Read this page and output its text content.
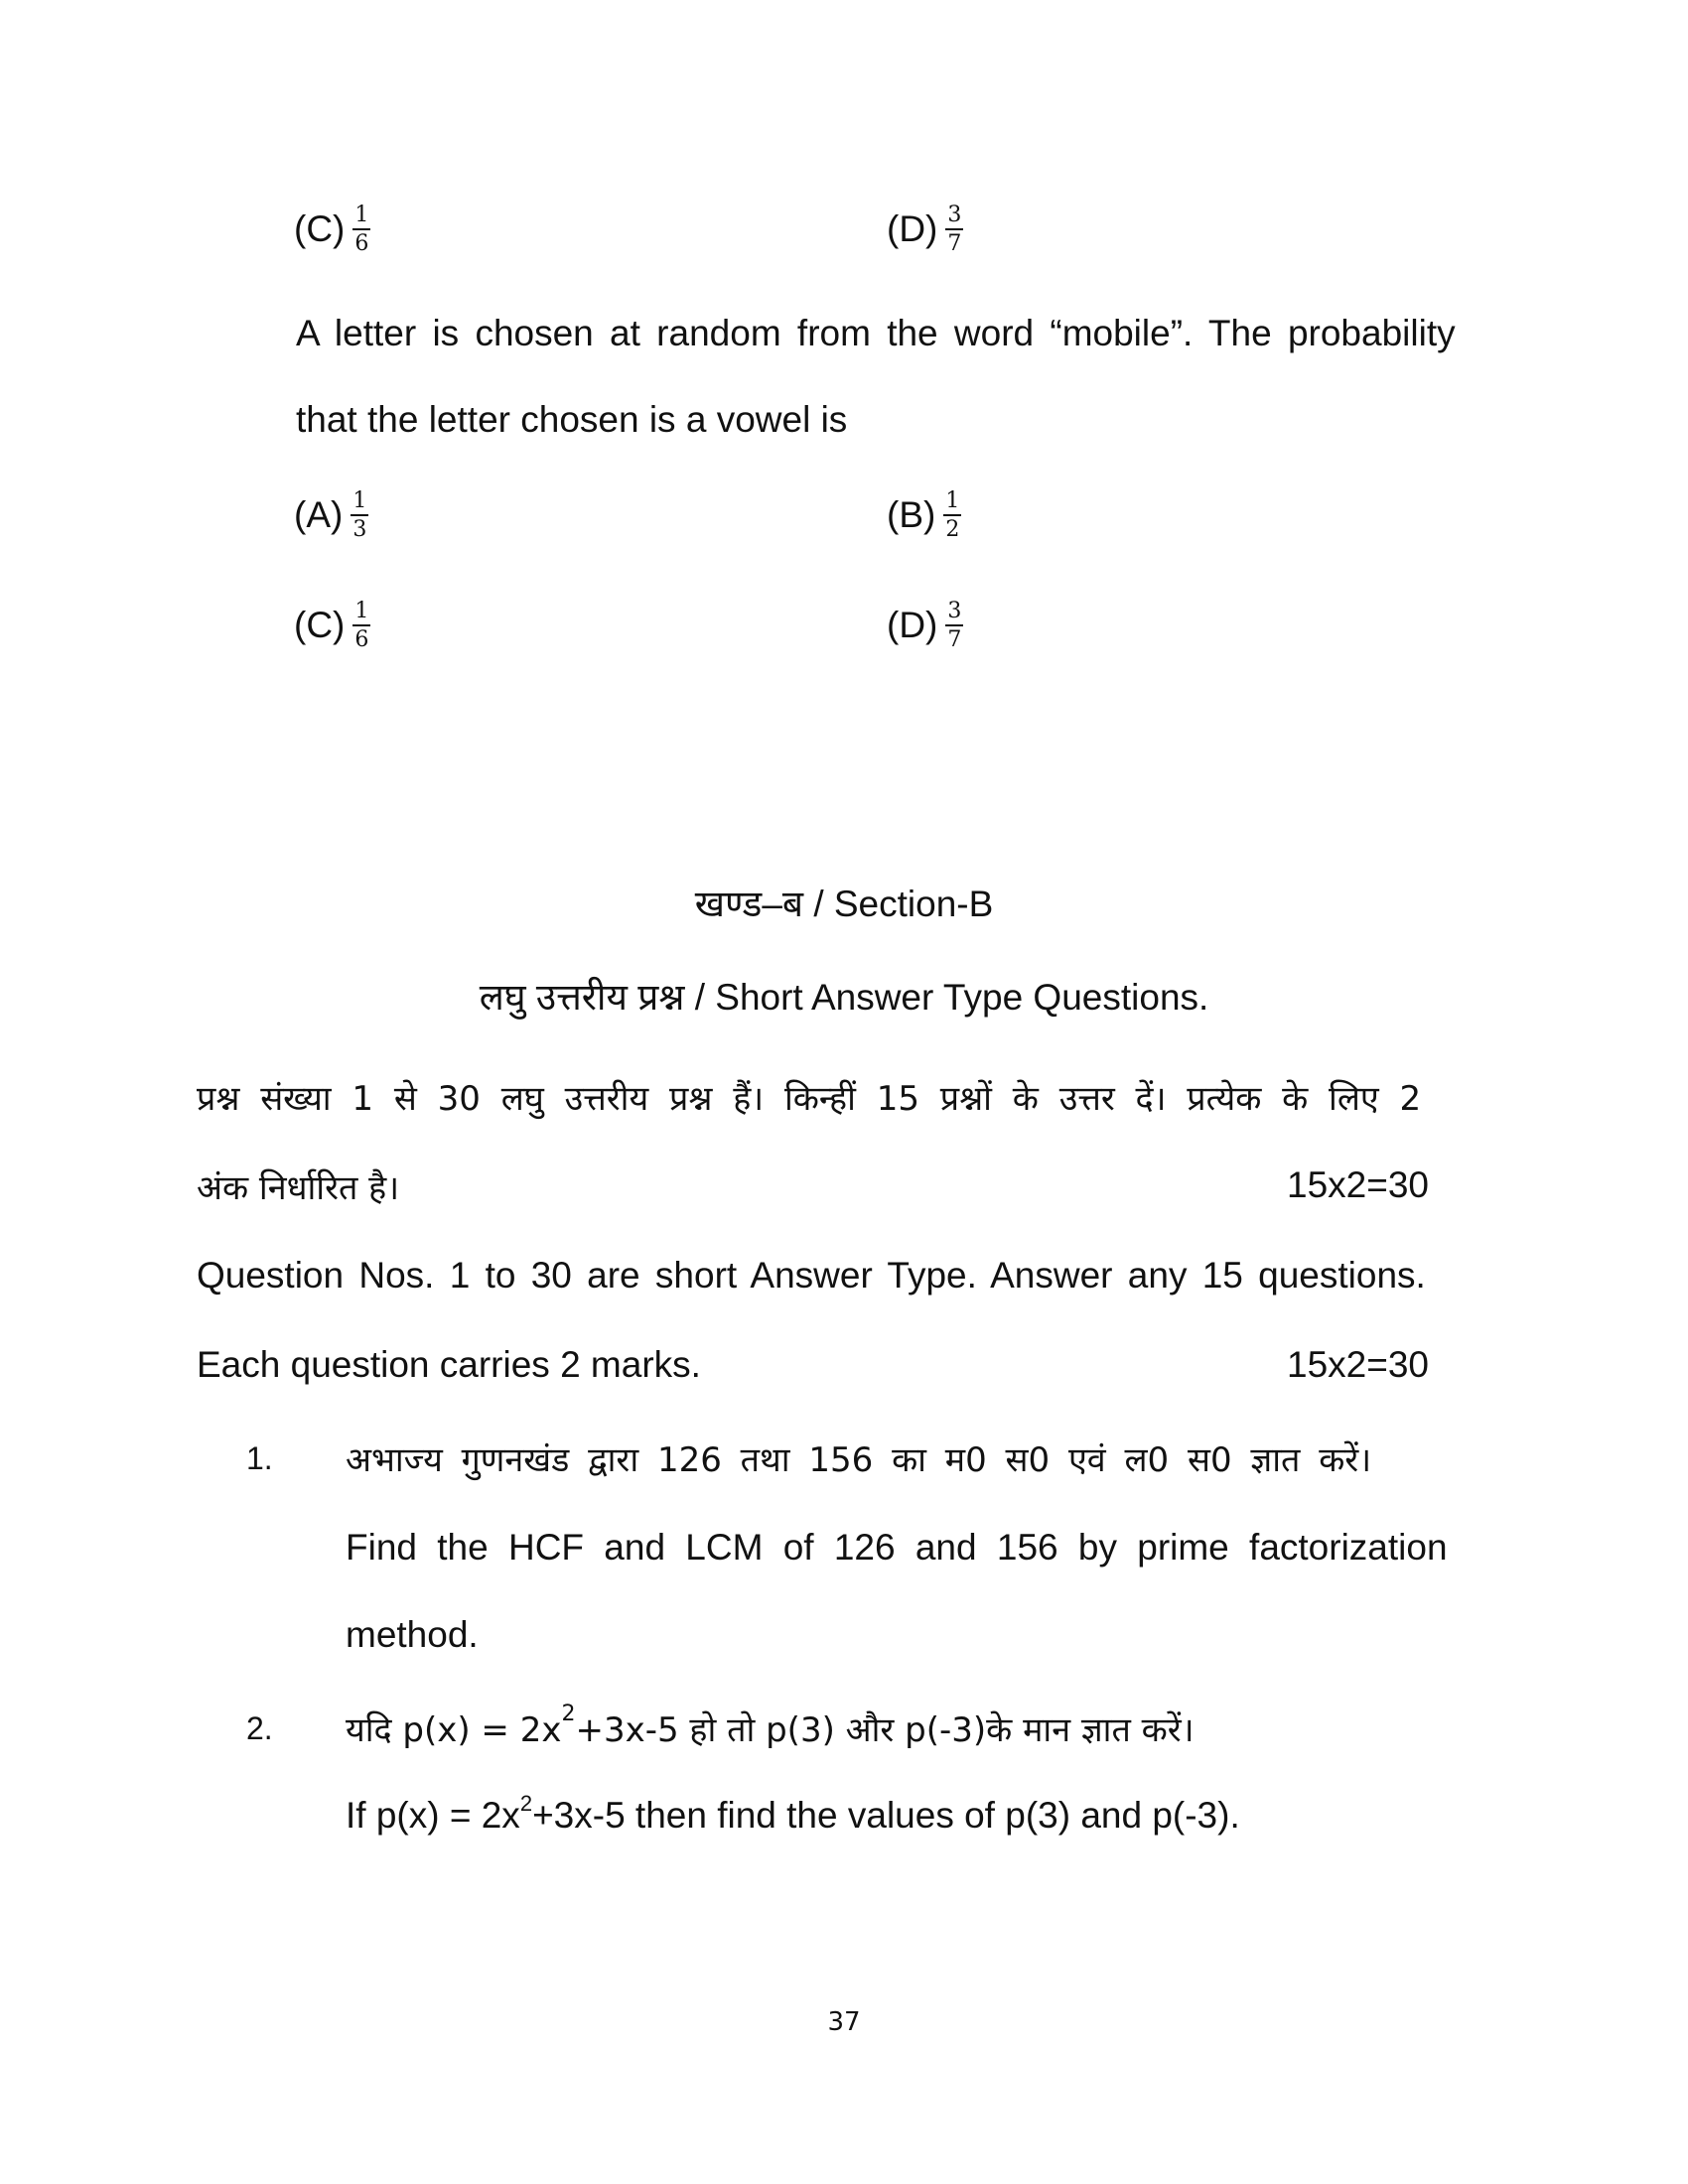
$(C) \frac{1}{6}$	$(D) \frac{3}{7}$
A letter is chosen at random from the word “mobile”. The probability
that the letter chosen is a vowel is
$(A) \frac{1}{3}$	$(B) \frac{1}{2}$
$(C) \frac{1}{6}$	$(D) \frac{3}{7}$
खण्ड–ब / Section-B
लघु उत्तरीय प्रश्न / Short Answer Type Questions.
प्रश्न संख्या 1 से 30 लघु उत्तरीय प्रश्न हैं। किन्हीं 15 प्रश्नों के उत्तर दें। प्रत्येक के लिए 2
अंक निर्धारित है।	15x2=30
Question Nos. 1 to 30 are short Answer Type. Answer any 15 questions.
Each question carries 2 marks.	15x2=30
1. अभाज्य गुणनखंड द्वारा 126 तथा 156 का म0 स0 एवं ल0 स0 ज्ञात करें।
Find the HCF and LCM of 126 and 156 by prime factorization
method.
2. यदि $p(x) = 2x^2+3x-5$ हो तो p(3) और p(-3)के मान ज्ञात करें।
If $p(x) = 2x^2+3x-5$ then find the values of p(3) and p(-3).
37
